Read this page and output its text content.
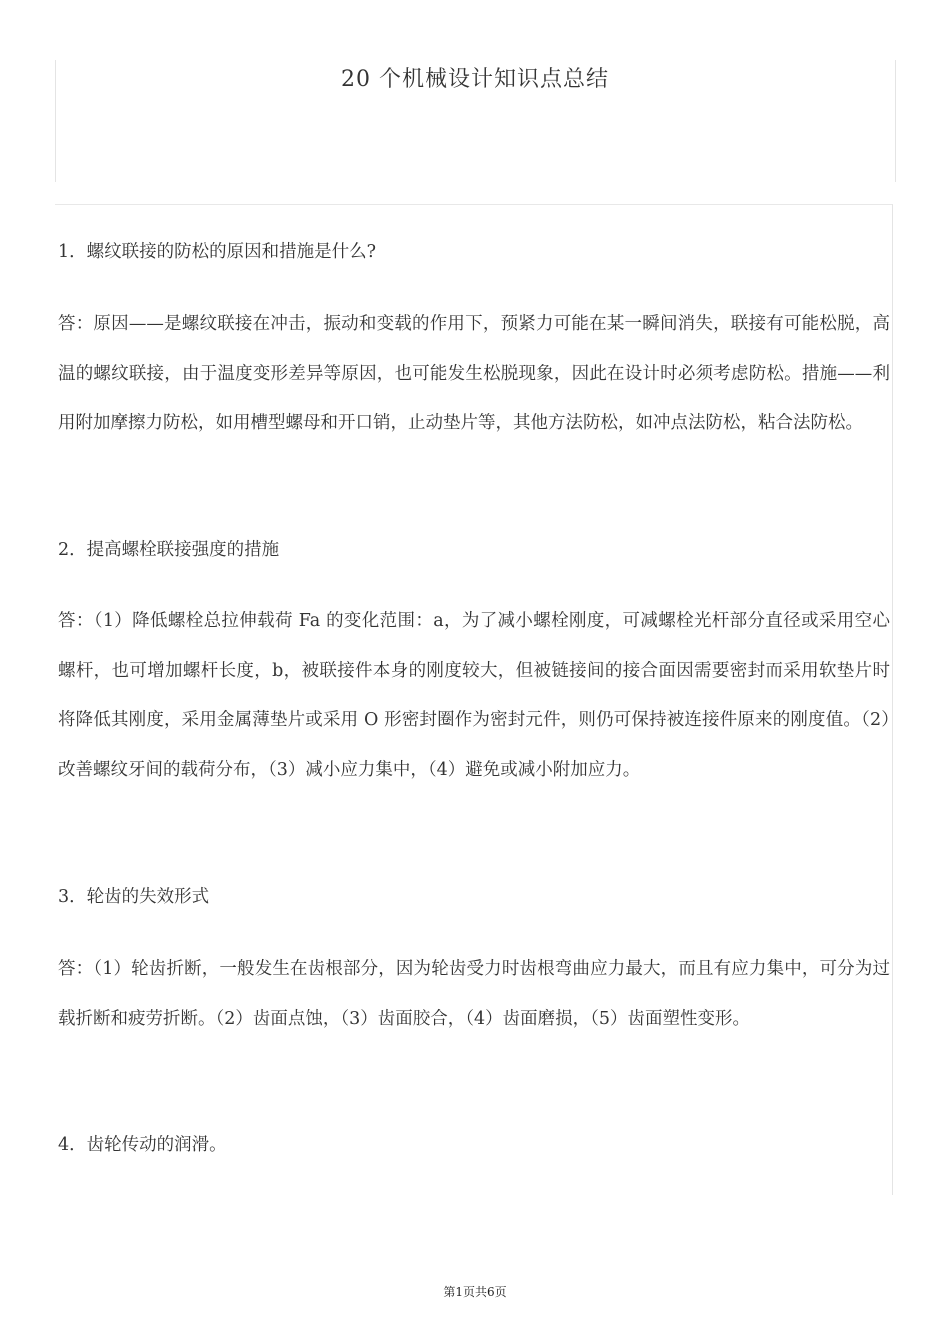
20 个机械设计知识点总结
1．螺纹联接的防松的原因和措施是什么?
答：原因——是螺纹联接在冲击，振动和变载的作用下，预紧力可能在某一瞬间消失，联接有可能松脱，高温的螺纹联接，由于温度变形差异等原因，也可能发生松脱现象，因此在设计时必须考虑防松。措施——利用附加摩擦力防松，如用槽型螺母和开口销，止动垫片等，其他方法防松，如冲点法防松，粘合法防松。
2．提高螺栓联接强度的措施
答：（1）降低螺栓总拉伸载荷 Fa 的变化范围：a，为了减小螺栓刚度，可减螺栓光杆部分直径或采用空心螺杆，也可增加螺杆长度，b，被联接件本身的刚度较大，但被链接间的接合面因需要密封而采用软垫片时将降低其刚度，采用金属薄垫片或采用 O 形密封圈作为密封元件，则仍可保持被连接件原来的刚度值。（2）改善螺纹牙间的载荷分布，（3）减小应力集中，（4）避免或减小附加应力。
3．轮齿的失效形式
答：（1）轮齿折断，一般发生在齿根部分，因为轮齿受力时齿根弯曲应力最大，而且有应力集中，可分为过载折断和疲劳折断。（2）齿面点蚀，（3）齿面胶合，（4）齿面磨损，（5）齿面塑性变形。
4．齿轮传动的润滑。
第1页共6页
